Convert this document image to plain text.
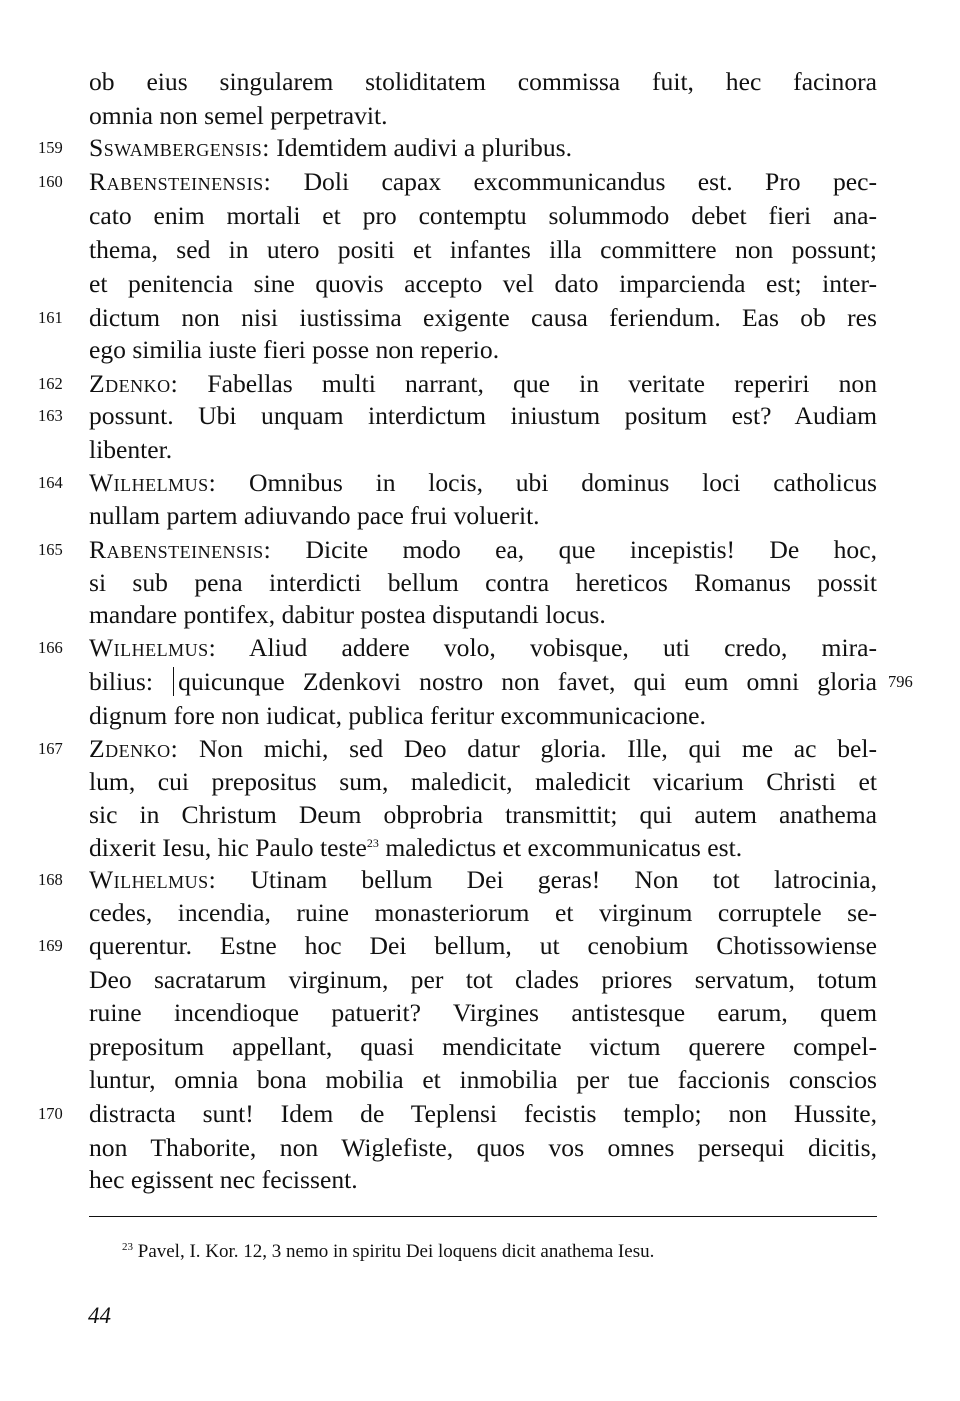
159
160
161
162
163
164
165
166
167
168
169
170
ob eius singularem stoliditatem commissa fuit, hec facinora
omnia non semel perpetravit.
Sswambergensis: Idemtidem audivi a pluribus.
Rabensteinensis: Doli capax excommunicandus est. Pro pec-
cato enim mortali et pro contemptu solummodo debet fieri ana-
thema, sed in utero positi et infantes illa committere non possunt;
et penitencia sine quovis accepto vel dato imparcienda est; inter-
dictum non nisi iustissima exigente causa feriendum. Eas ob res
ego similia iuste fieri posse non reperio.
Zdenko: Fabellas multi narrant, que in veritate reperiri non
possunt. Ubi unquam interdictum iniustum positum est? Audiam
libenter.
Wilhelmus: Omnibus in locis, ubi dominus loci catholicus
nullam partem adiuvando pace frui voluerit.
Rabensteinensis: Dicite modo ea, que incepistis! De hoc,
si sub pena interdicti bellum contra hereticos Romanus possit
mandare pontifex, dabitur postea disputandi locus.
Wilhelmus: Aliud addere volo, vobisque, uti credo, mira-
bilius: quicunque Zdenkovi nostro non favet, qui eum omni gloria 796
dignum fore non iudicat, publica feritur excommunicacione.
Zdenko: Non michi, sed Deo datur gloria. Ille, qui me ac bel-
lum, cui prepositus sum, maledicit, maledicit vicarium Christi et
sic in Christum Deum obprobria transmittit; qui autem anathema
dixerit Iesu, hic Paulo teste$^{23}$ maledictus et excommunicatus est.
Wilhelmus: Utinam bellum Dei geras! Non tot latrocinia,
cedes, incendia, ruine monasteriorum et virginum corruptele se-
querentur. Estne hoc Dei bellum, ut cenobium Chotissowiense
Deo sacratarum virginum, per tot clades priores servatum, totum
ruine incendioque patuerit? Virgines antistesque earum, quem
prepositum appellant, quasi mendicitate victum querere compel-
luntur, omnia bona mobilia et inmobilia per tue faccionis conscios
distracta sunt! Idem de Teplensi fecistis templo; non Hussite,
non Thaborite, non Wiglefiste, quos vos omnes persequi dicitis,
hec egissent nec fecissent.
$^{23}$ Pavel, I. Kor. 12, 3 nemo in spiritu Dei loquens dicit anathema Iesu.
44
